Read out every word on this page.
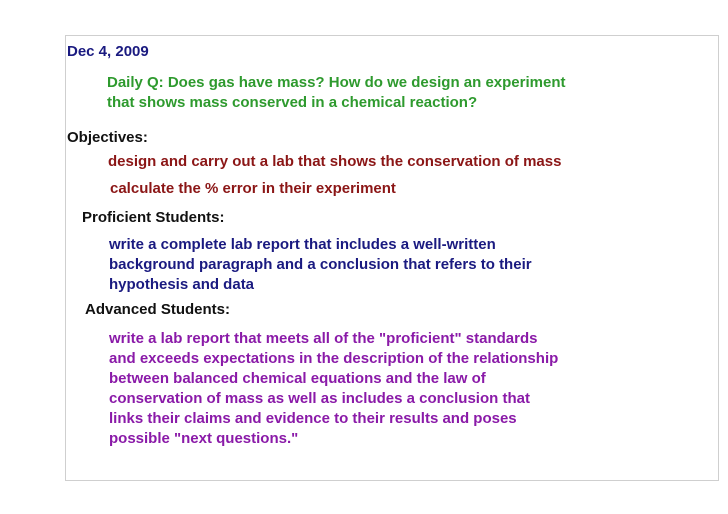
Dec 4, 2009
Daily Q: Does gas have mass? How do we design an experiment
that shows mass conserved in a chemical reaction?
Objectives:
design and carry out a lab that shows the conservation of mass
calculate the % error in their experiment
Proficient Students:
write a complete lab report that includes a well-written
background paragraph and a conclusion that refers to their
hypothesis and data
Advanced Students:
write a lab report that meets all of the "proficient" standards
and exceeds expectations in the description of the relationship
between balanced chemical equations and the law of
conservation of mass as well as includes a conclusion that
links their claims and evidence to their results and poses
possible "next questions."
